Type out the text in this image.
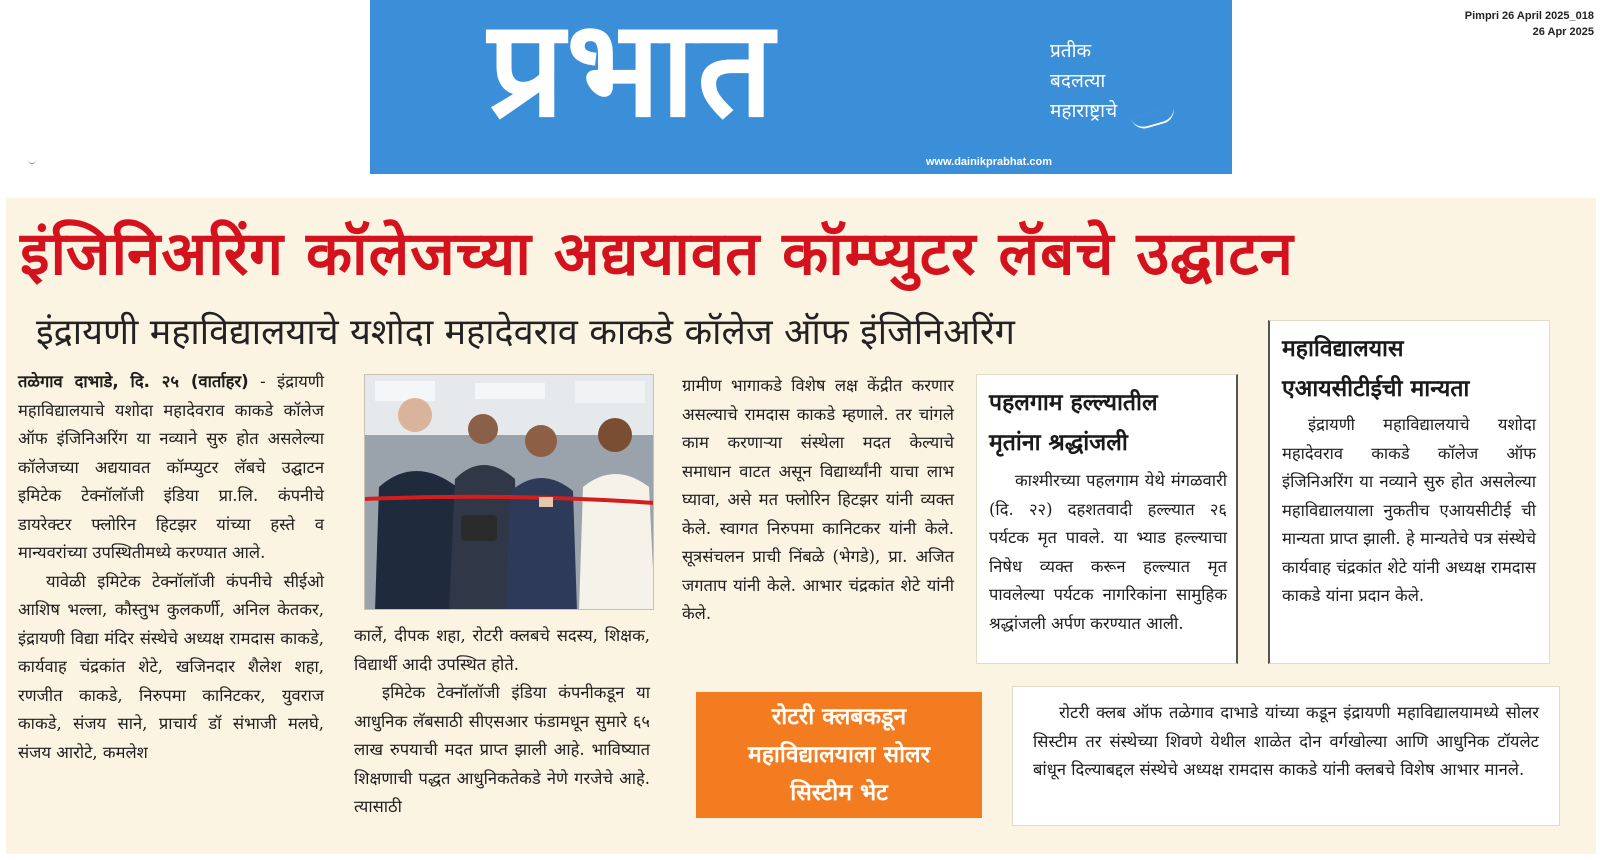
प्रभात	प्रतीक
बदलत्या
महाराष्ट्राचे
www.dainikprabhat.com
Pimpri 26 April 2025_018
26 Apr 2025
इंजिनिअरिंग कॉलेजच्या अद्ययावत कॉम्प्युटर लॅबचे उद्घाटन
इंद्रायणी महाविद्यालयाचे यशोदा महादेवराव काकडे कॉलेज ऑफ इंजिनिअरिंग

तळेगाव दाभाडे, दि. २५ (वार्ताहर) - इंद्रायणी महाविद्यालयाचे यशोदा महादेवराव काकडे कॉलेज ऑफ इंजिनिअरिंग या नव्याने सुरु होत असलेल्या कॉलेजच्या अद्ययावत कॉम्प्युटर लॅबचे उद्घाटन इमिटेक टेक्नॉलॉजी इंडिया प्रा.लि. कंपनीचे डायरेक्टर फ्लोरिन हिटझर यांच्या हस्ते व मान्यवरांच्या उपस्थितीमध्ये करण्यात आले.

यावेळी इमिटेक टेक्नॉलॉजी कंपनीचे सीईओ आशिष भल्ला, कौस्तुभ कुलकर्णी, अनिल केतकर, इंद्रायणी विद्या मंदिर संस्थेचे अध्यक्ष रामदास काकडे, कार्यवाह चंद्रकांत शेटे, खजिनदार शैलेश शहा, रणजीत काकडे, निरुपमा कानिटकर, युवराज काकडे, संजय साने, प्राचार्य डॉ संभाजी मलघे, संजय आरोटे, कमलेश

कार्ले, दीपक शहा, रोटरी क्लबचे सदस्य, शिक्षक, विद्यार्थी आदी उपस्थित होते.

इमिटेक टेक्नॉलॉजी इंडिया कंपनीकडून या आधुनिक लॅबसाठी सीएसआर फंडामधून सुमारे ६५ लाख रुपयाची मदत प्राप्त झाली आहे. भाविष्यात शिक्षणाची पद्धत आधुनिकतेकडे नेणे गरजेचे आहे. त्यासाठी

ग्रामीण भागाकडे विशेष लक्ष केंद्रीत करणार असल्याचे रामदास काकडे म्हणाले. तर चांगले काम करणाऱ्या संस्थेला मदत केल्याचे समाधान वाटत असून विद्यार्थ्यांनी याचा लाभ घ्यावा, असे मत फ्लोरिन हिटझर यांनी व्यक्त केले. स्वागत निरुपमा कानिटकर यांनी केले. सूत्रसंचलन प्राची निंबळे (भेगडे), प्रा. अजित जगताप यांनी केले. आभार चंद्रकांत शेटे यांनी केले.

रोटरी क्लबकडून
महाविद्यालयाला सोलर
सिस्टीम भेट
पहलगाम हल्ल्यातील
मृतांना श्रद्धांजली

काश्मीरच्या पहलगाम येथे मंगळवारी (दि. २२) दहशतवादी हल्ल्यात २६ पर्यटक मृत पावले. या भ्याड हल्ल्याचा निषेध व्यक्त करून हल्ल्यात मृत पावलेल्या पर्यटक नागरिकांना सामुहिक श्रद्धांजली अर्पण करण्यात आली.

महाविद्यालयास
एआयसीटीईची मान्यता

इंद्रायणी महाविद्यालयाचे यशोदा महादेवराव काकडे कॉलेज ऑफ इंजिनिअरिंग या नव्याने सुरु होत असलेल्या महाविद्यालयाला नुकतीच एआयसीटीई ची मान्यता प्राप्त झाली. हे मान्यतेचे पत्र संस्थेचे कार्यवाह चंद्रकांत शेटे यांनी अध्यक्ष रामदास काकडे यांना प्रदान केले.

रोटरी क्लब ऑफ तळेगाव दाभाडे यांच्या कडून इंद्रायणी महाविद्यालयामध्ये सोलर सिस्टीम तर संस्थेच्या शिवणे येथील शाळेत दोन वर्गखोल्या आणि आधुनिक टॉयलेट बांधून दिल्याबद्दल संस्थेचे अध्यक्ष रामदास काकडे यांनी क्लबचे विशेष आभार मानले.
